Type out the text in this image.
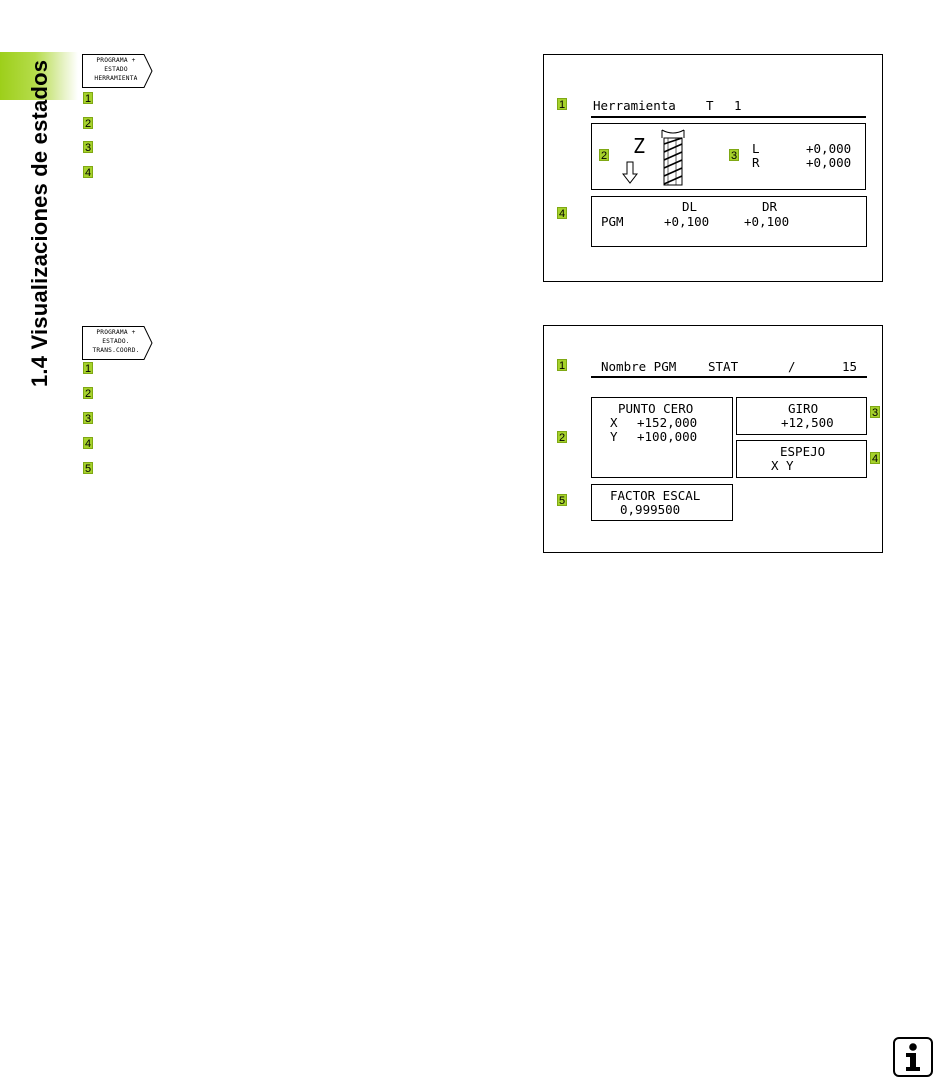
1.4 Visualizaciones de estados	PROGRAMA +
ESTADO
HERRAMIENTA
1
2
3
4
PROGRAMA +
ESTADO.
TRANS.COORD.
1
2
3
4
5
1 Herramienta T 1
Z	3 L	+0,000
R	+0,000
2
4	DL	DR
PGM	+0,100	+0,100
1	Nombre PGM	STAT	/	15
PUNTO CERO
X +152,000
Y +100,000
2
GIRO
+12,500
3
ESPEJO
X Y	4
5	FACTOR ESCAL
0,999500
